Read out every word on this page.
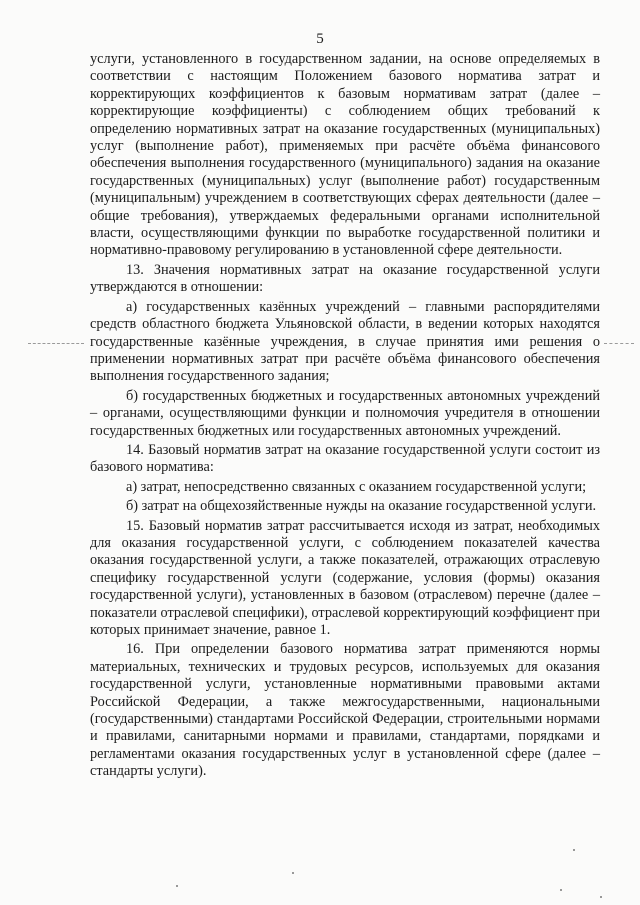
5

услуги, установленного в государственном задании, на основе определяемых в соответствии с настоящим Положением базового норматива затрат и корректирующих коэффициентов к базовым нормативам затрат (далее – корректирующие коэффициенты) с соблюдением общих требований к определению нормативных затрат на оказание государственных (муниципальных) услуг (выполнение работ), применяемых при расчёте объёма финансового обеспечения выполнения государственного (муниципального) задания на оказание государственных (муниципальных) услуг (выполнение работ) государственным (муниципальным) учреждением в соответствующих сферах деятельности (далее – общие требования), утверждаемых федеральными органами исполнительной власти, осуществляющими функции по выработке государственной политики и нормативно-правовому регулированию в установленной сфере деятельности.

13. Значения нормативных затрат на оказание государственной услуги утверждаются в отношении:

а) государственных казённых учреждений – главными распорядителями средств областного бюджета Ульяновской области, в ведении которых находятся государственные казённые учреждения, в случае принятия ими решения о применении нормативных затрат при расчёте объёма финансового обеспечения выполнения государственного задания;

б) государственных бюджетных и государственных автономных учреждений – органами, осуществляющими функции и полномочия учредителя в отношении государственных бюджетных или государственных автономных учреждений.

14. Базовый норматив затрат на оказание государственной услуги состоит из базового норматива:

а) затрат, непосредственно связанных с оказанием государственной услуги;

б) затрат на общехозяйственные нужды на оказание государственной услуги.

15. Базовый норматив затрат рассчитывается исходя из затрат, необходимых для оказания государственной услуги, с соблюдением показателей качества оказания государственной услуги, а также показателей, отражающих отраслевую специфику государственной услуги (содержание, условия (формы) оказания государственной услуги), установленных в базовом (отраслевом) перечне (далее – показатели отраслевой специфики), отраслевой корректирующий коэффициент при которых принимает значение, равное 1.

16. При определении базового норматива затрат применяются нормы материальных, технических и трудовых ресурсов, используемых для оказания государственной услуги, установленные нормативными правовыми актами Российской Федерации, а также межгосударственными, национальными (государственными) стандартами Российской Федерации, строительными нормами и правилами, санитарными нормами и правилами, стандартами, порядками и регламентами оказания государственных услуг в установленной сфере (далее – стандарты услуги).
